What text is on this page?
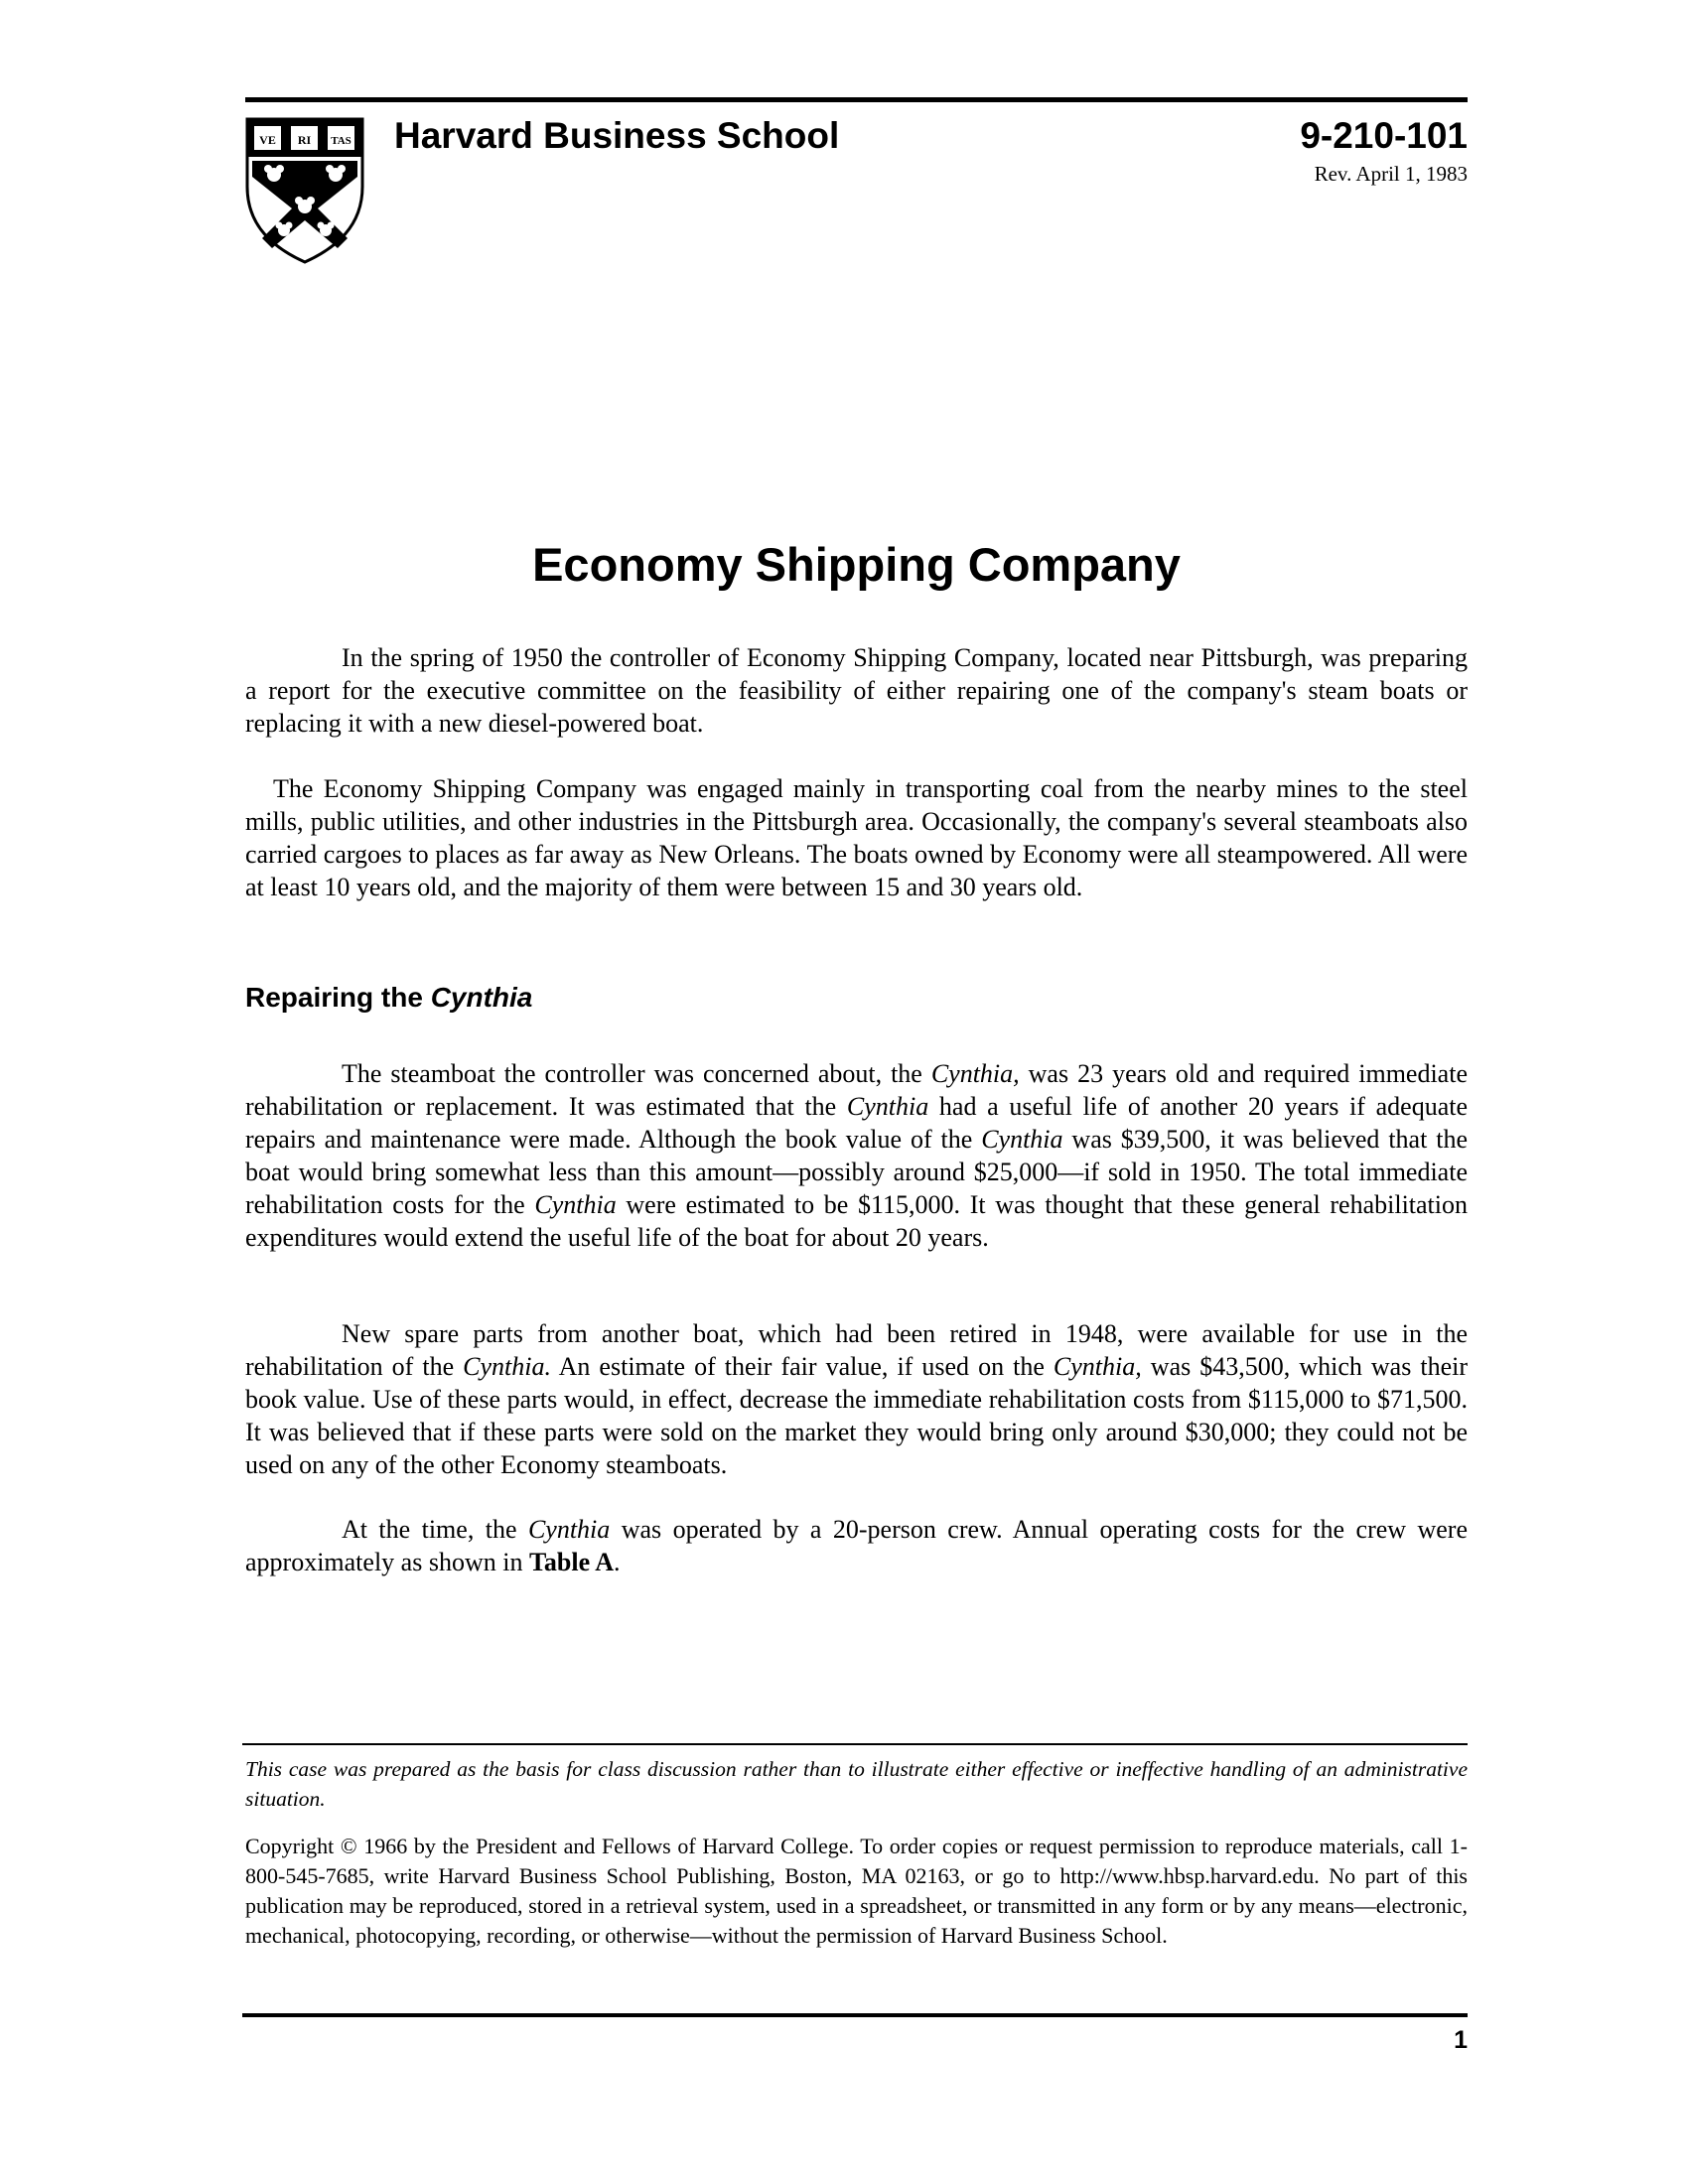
VE RI TAS Harvard Business School	9-210-101
Rev. April 1, 1983
Economy Shipping Company

In the spring of 1950 the controller of Economy Shipping Company, located near Pittsburgh, was preparing a report for the executive committee on the feasibility of either repairing one of the company's steam boats or replacing it with a new diesel-powered boat.

The Economy Shipping Company was engaged mainly in transporting coal from the nearby mines to the steel mills, public utilities, and other industries in the Pittsburgh area. Occasionally, the company's several steamboats also carried cargoes to places as far away as New Orleans. The boats owned by Economy were all steampowered. All were at least 10 years old, and the majority of them were between 15 and 30 years old.

Repairing the Cynthia

The steamboat the controller was concerned about, the Cynthia, was 23 years old and required immediate rehabilitation or replacement. It was estimated that the Cynthia had a useful life of another 20 years if adequate repairs and maintenance were made. Although the book value of the Cynthia was $39,500, it was believed that the boat would bring somewhat less than this amount—possibly around $25,000—if sold in 1950. The total immediate rehabilitation costs for the Cynthia were estimated to be $115,000. It was thought that these general rehabilitation expenditures would extend the useful life of the boat for about 20 years.

New spare parts from another boat, which had been retired in 1948, were available for use in the rehabilitation of the Cynthia. An estimate of their fair value, if used on the Cynthia, was $43,500, which was their book value. Use of these parts would, in effect, decrease the immediate rehabilitation costs from $115,000 to $71,500. It was believed that if these parts were sold on the market they would bring only around $30,000; they could not be used on any of the other Economy steamboats.

At the time, the Cynthia was operated by a 20-person crew. Annual operating costs for the crew were approximately as shown in Table A.

This case was prepared as the basis for class discussion rather than to illustrate either effective or ineffective handling of an administrative situation.

Copyright © 1966 by the President and Fellows of Harvard College. To order copies or request permission to reproduce materials, call 1-800-545-7685, write Harvard Business School Publishing, Boston, MA 02163, or go to http://www.hbsp.harvard.edu. No part of this publication may be reproduced, stored in a retrieval system, used in a spreadsheet, or transmitted in any form or by any means—electronic, mechanical, photocopying, recording, or otherwise—without the permission of Harvard Business School.

1
